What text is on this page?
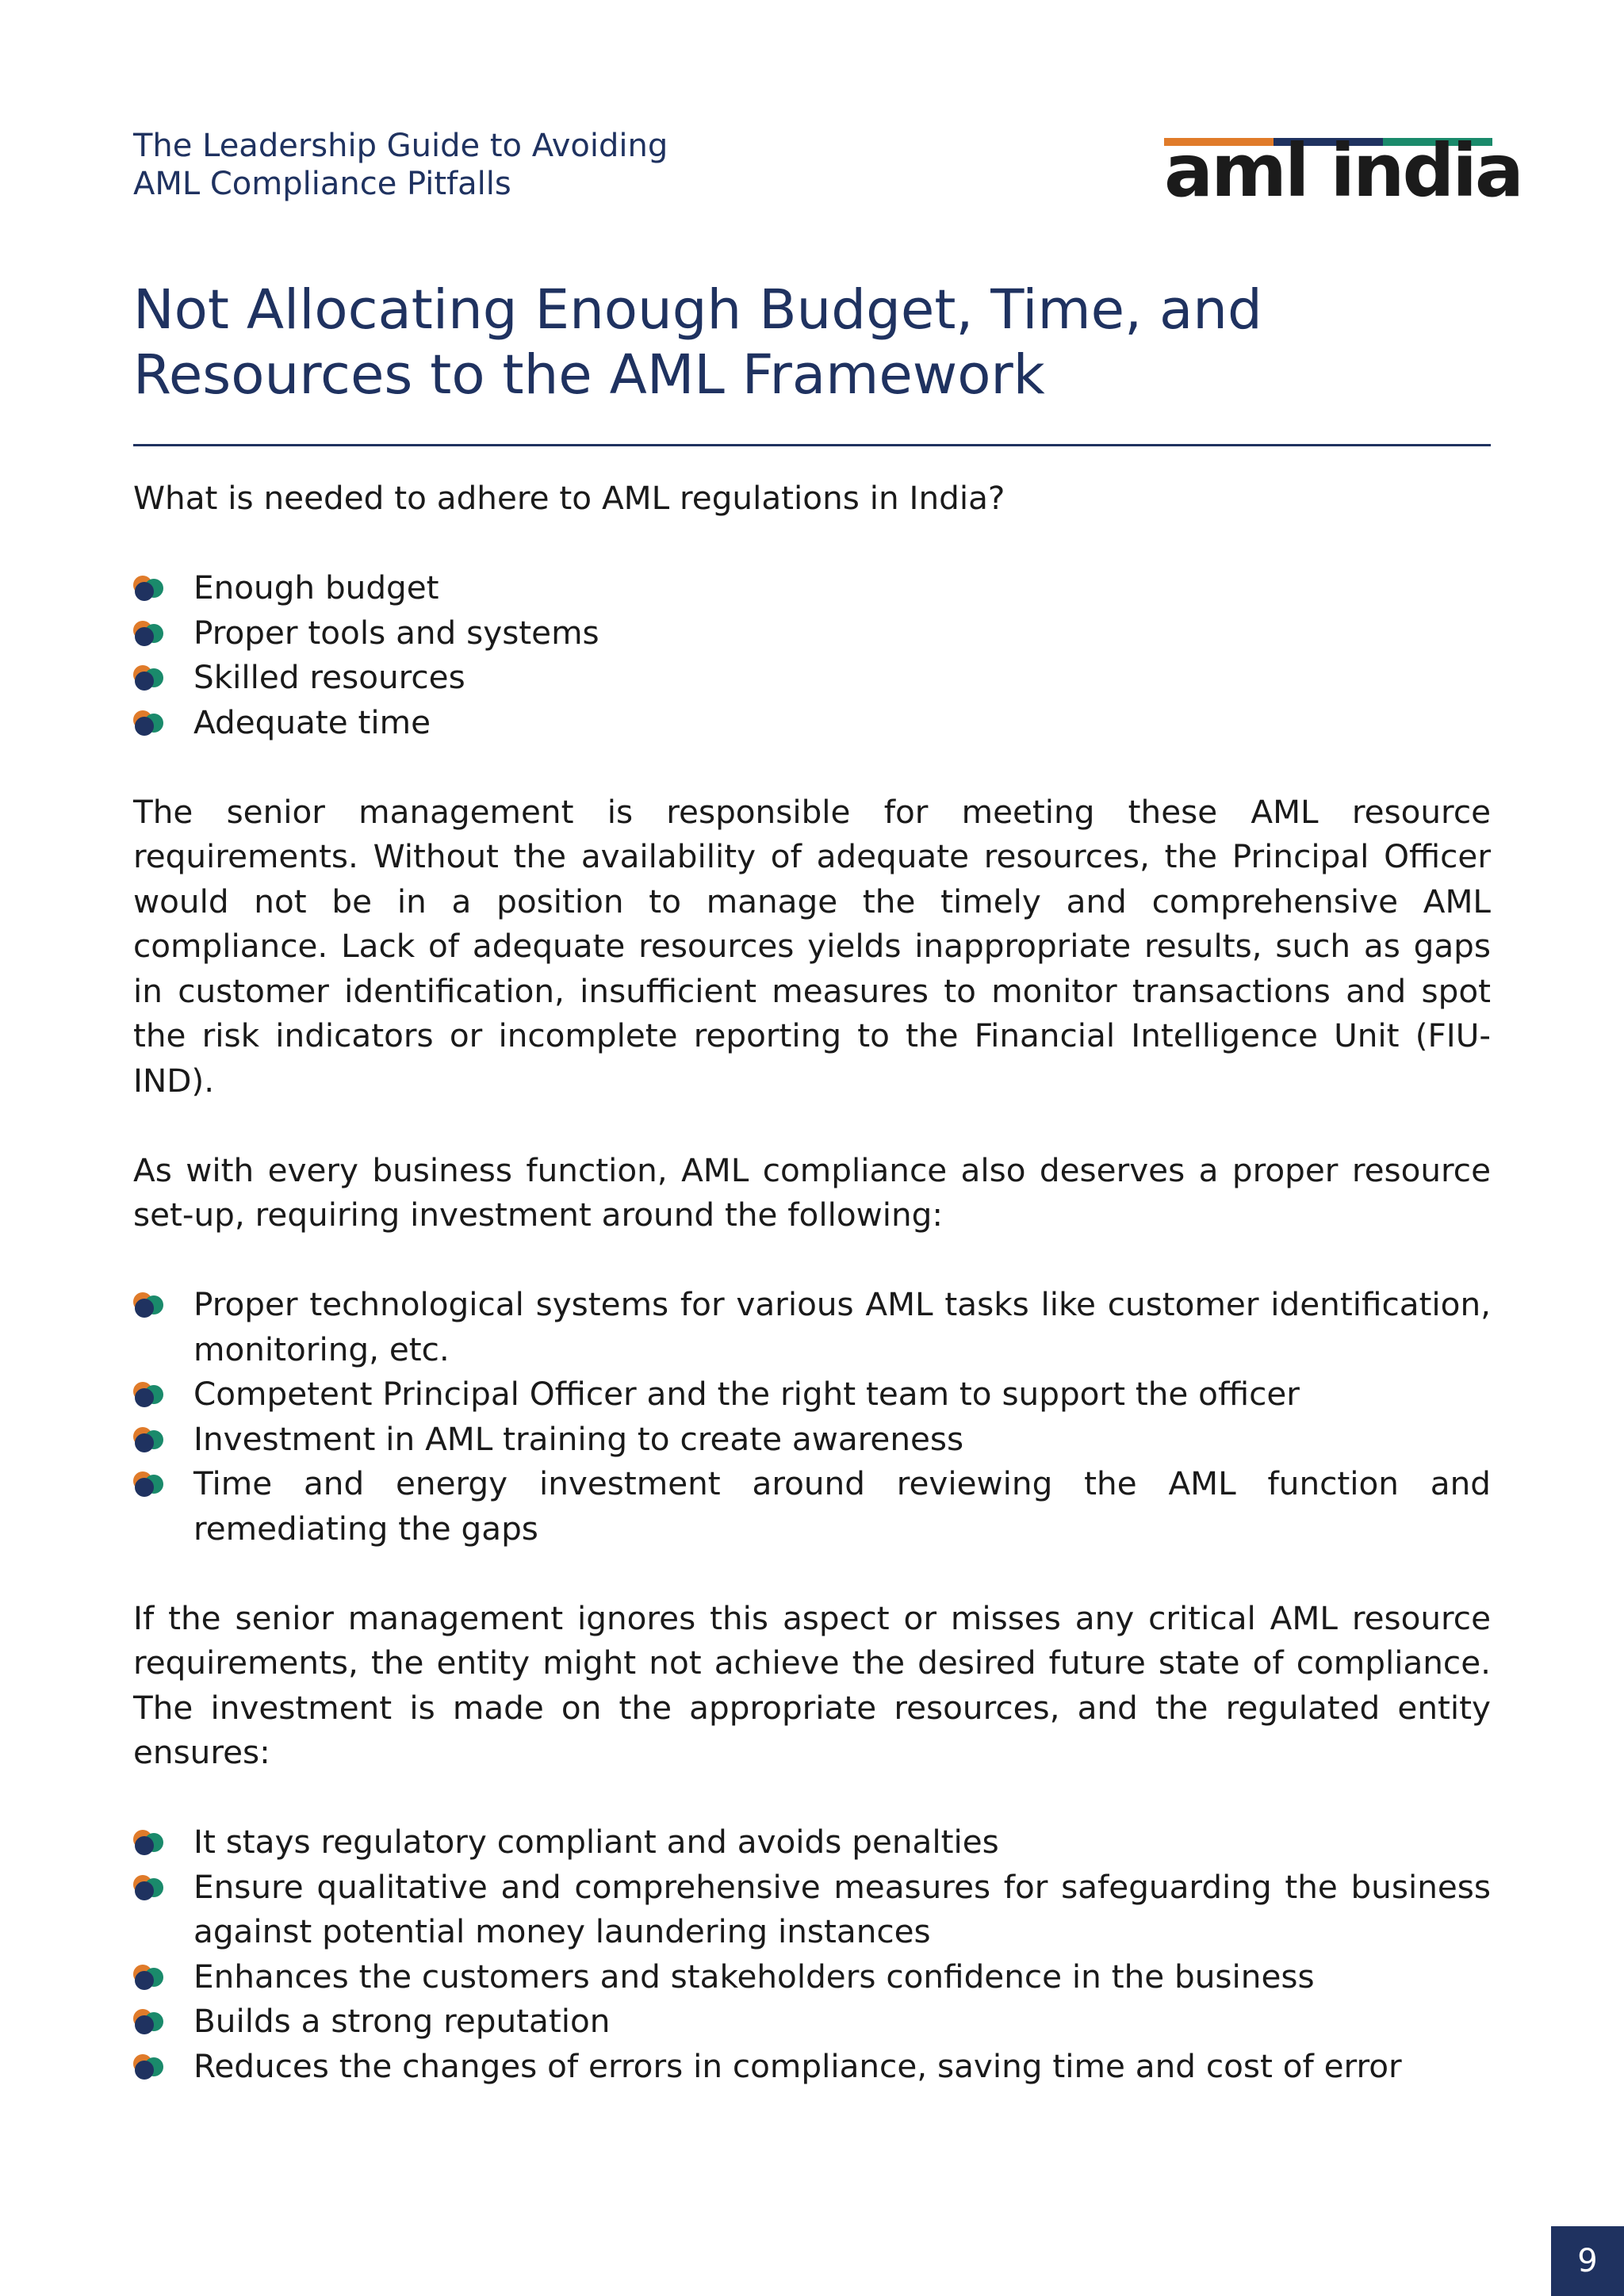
The Leadership Guide to Avoiding
AML Compliance Pitfalls	aml india
Not Allocating Enough Budget, Time, and Resources to the AML Framework

What is needed to adhere to AML regulations in India?

Enough budget
Proper tools and systems
Skilled resources
Adequate time

The senior management is responsible for meeting these AML resource requirements. Without the availability of adequate resources, the Principal Officer would not be in a position to manage the timely and comprehensive AML compliance. Lack of adequate resources yields inappropriate results, such as gaps in customer identification, insufficient measures to monitor transactions and spot the risk indicators or incomplete reporting to the Financial Intelligence Unit (FIU-IND).

As with every business function, AML compliance also deserves a proper resource set-up, requiring investment around the following:

Proper technological systems for various AML tasks like customer identification, monitoring, etc.
Competent Principal Officer and the right team to support the officer
Investment in AML training to create awareness
Time and energy investment around reviewing the AML function and remediating the gaps

If the senior management ignores this aspect or misses any critical AML resource requirements, the entity might not achieve the desired future state of compliance. The investment is made on the appropriate resources, and the regulated entity ensures:

It stays regulatory compliant and avoids penalties
Ensure qualitative and comprehensive measures for safeguarding the business against potential money laundering instances
Enhances the customers and stakeholders confidence in the business
Builds a strong reputation
Reduces the changes of errors in compliance, saving time and cost of error
9
